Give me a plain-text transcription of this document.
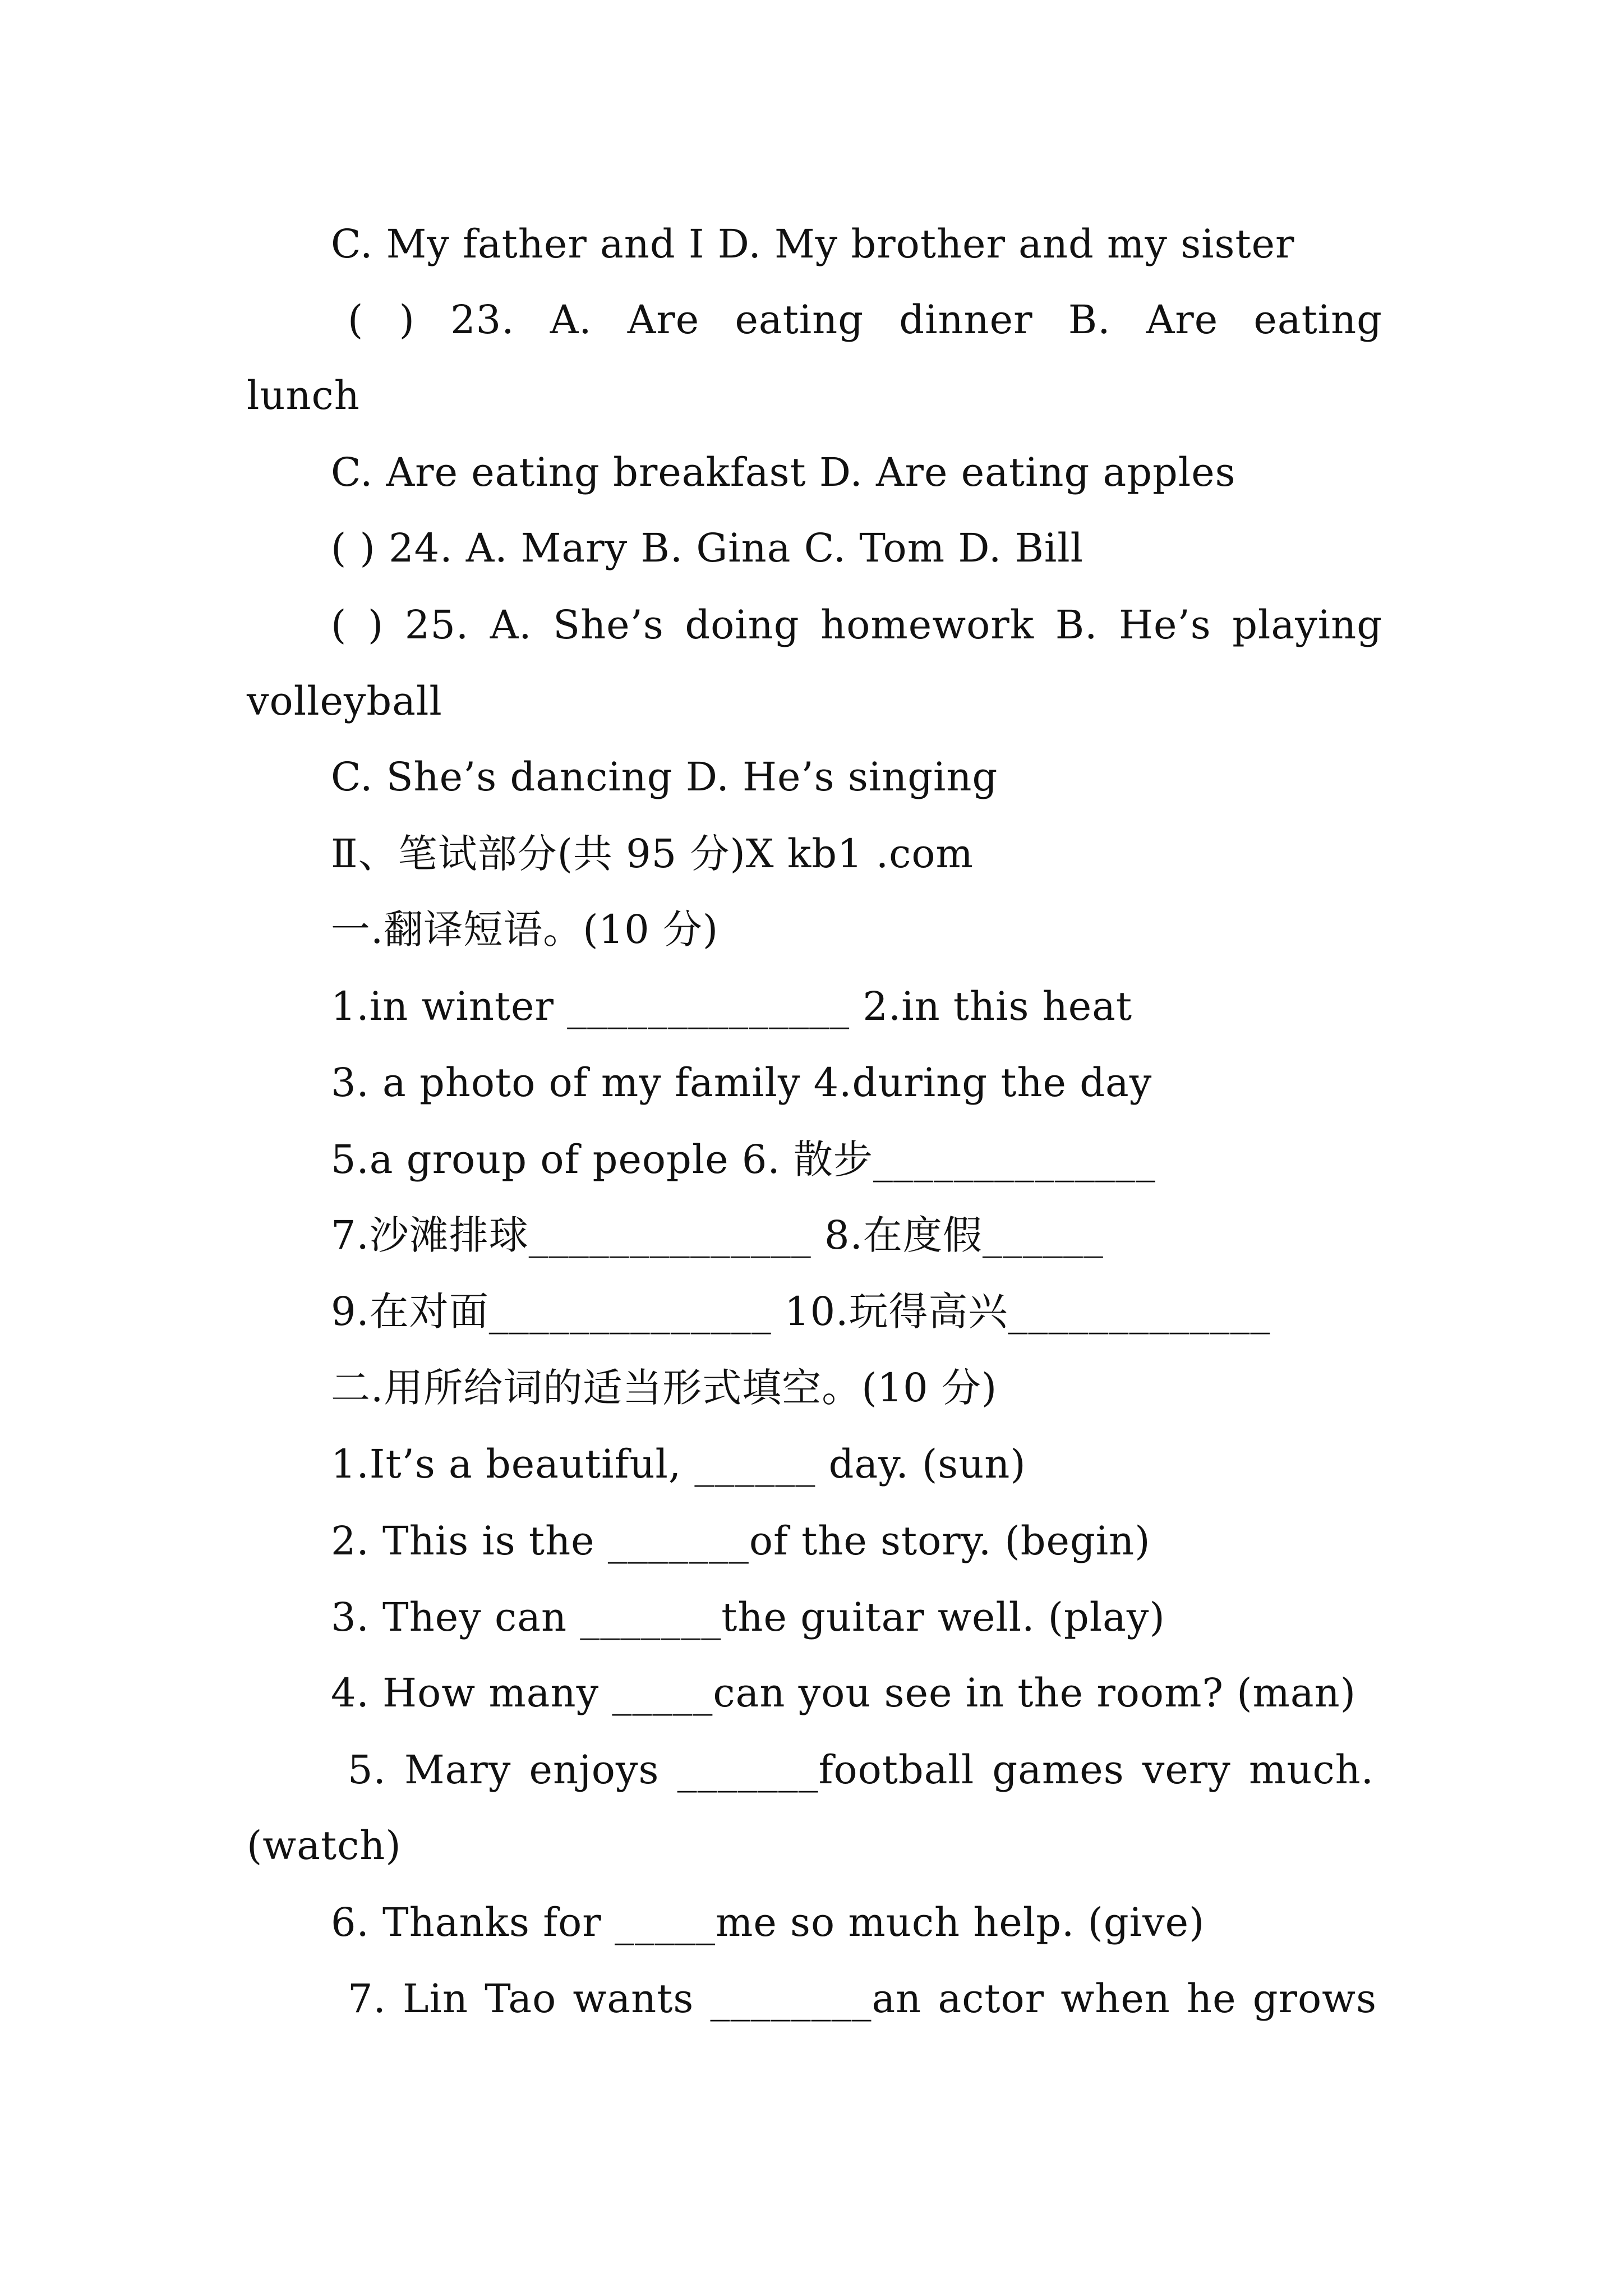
C. My father and I D. My brother and my sister
( ) 23. A. Are eating dinner B. Are eating
lunch
C. Are eating breakfast D. Are eating apples
( ) 24. A. Mary B. Gina C. Tom D. Bill
( ) 25. A. She’s doing homework B. He’s playing
volleyball
C. She’s dancing D. He’s singing
Ⅱ、笔试部分(共 95 分)X kb1 .com
一.翻译短语。(10 分)
1.in winter ______________ 2.in this heat
3. a photo of my family 4.during the day
5.a group of people 6. 散步______________
7.沙滩排球______________ 8.在度假______
9.在对面______________ 10.玩得高兴_____________
二.用所给词的适当形式填空。(10 分)
1.It’s a beautiful, ______ day. (sun)
2. This is the _______of the story. (begin)
3. They can _______the guitar well. (play)
4. How many _____can you see in the room? (man)
5. Mary enjoys _______football games very much.
(watch)
6. Thanks for _____me so much help. (give)
7. Lin Tao wants ________an actor when he grows
